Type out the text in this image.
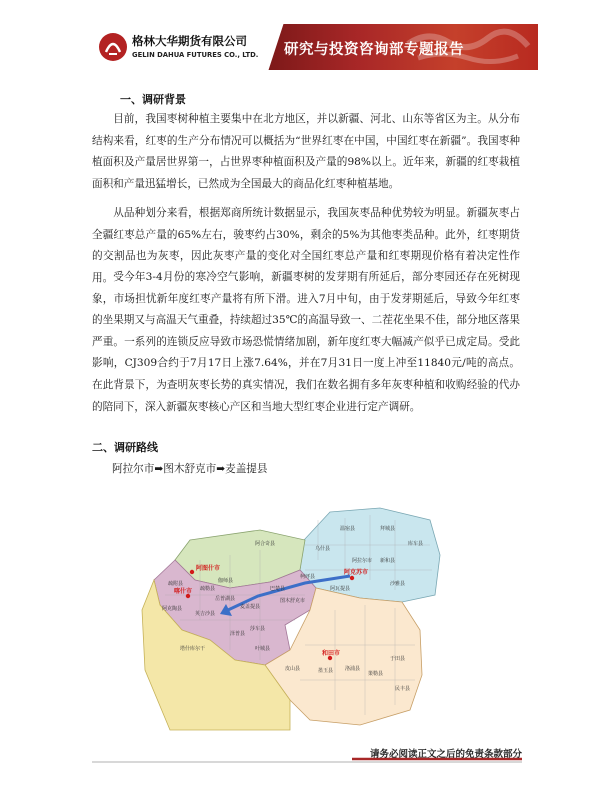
格林大华期货有限公司
GELIN DAHUA FUTURES CO., LTD. 研究与投资咨询部专题报告
一、调研背景

目前，我国枣树种植主要集中在北方地区，并以新疆、河北、山东等省区为主。从分布结构来看，红枣的生产分布情况可以概括为“世界红枣在中国，中国红枣在新疆”。我国枣种植面积及产量居世界第一，占世界枣种植面积及产量的98%以上。近年来，新疆的红枣栽植面积和产量迅猛增长，已然成为全国最大的商品化红枣种植基地。

从品种划分来看，根据郑商所统计数据显示，我国灰枣品种优势较为明显。新疆灰枣占全疆红枣总产量的65%左右，骏枣约占30%，剩余的5%为其他枣类品种。此外，红枣期货的交割品也为灰枣，因此灰枣产量的变化对全国红枣总产量和红枣期现价格有着决定性作用。 受今年3-4月份的寒冷空气影响，新疆枣树的发芽期有所延后，部分枣园还存在死树现象，市场担忧新年度红枣产量将有所下滑。进入7月中旬，由于发芽期延后，导致今年红枣的坐果期又与高温天气重叠，持续超过35℃的高温导致一、二茬花坐果不佳，部分地区落果严重。一系列的连锁反应导致市场恐慌情绪加剧，新年度红枣大幅减产似乎已成定局。受此影响，CJ309合约于7月17日上涨7.64%，并在7月31日一度上冲至11840元/吨的高点。在此背景下，为查明灰枣长势的真实情况，我们在数名拥有多年灰枣种植和收购经验的代办的陪同下，深入新疆灰枣核心产区和当地大型红枣企业进行定产调研。

二、调研路线
阿拉尔市➡图木舒克市➡麦盖提县
阿克苏市
阿图什市
喀什市
和田市
温宿县
乌什县
阿瓦提县
柯坪县
新和县
沙雅县
库车县
拜城县
阿合奇县
伽师县
巴楚县
麦盖提县
莎车县
叶城县
泽普县
岳普湖县
英吉沙县
疏附县
疏勒县
阿克陶县
皮山县	墨玉县 洛浦县
策勒县
于田县
民丰县
阿拉尔市
图木舒克市
塔什库尔干
请务必阅读正文之后的免责条款部分
